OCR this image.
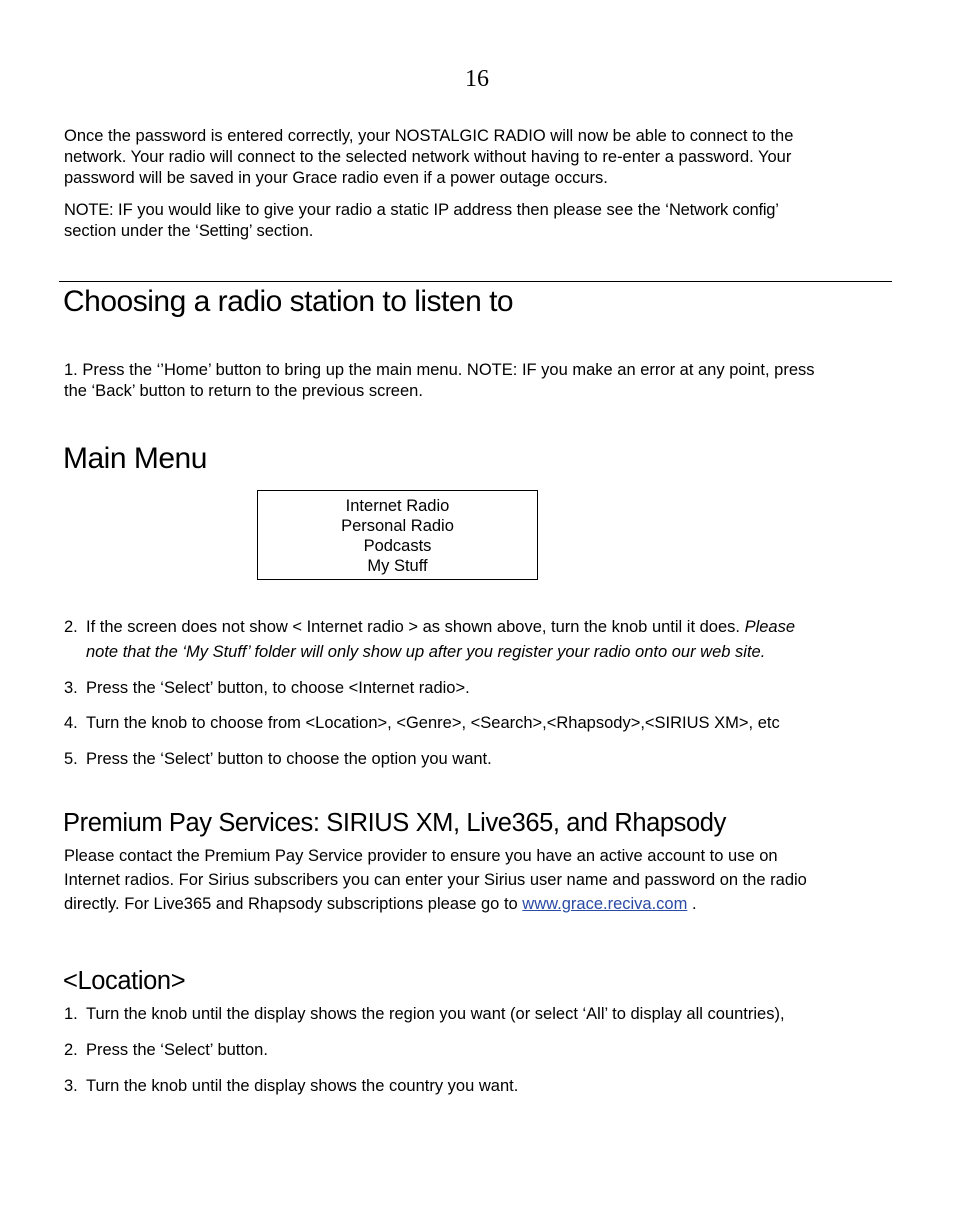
16
Once the password is entered correctly, your NOSTALGIC RADIO will now be able to connect to the
network. Your radio will connect to the selected network without having to re-enter a password. Your
password will be saved in your Grace radio even if a power outage occurs.
NOTE: IF you would like to give your radio a static IP address then please see the ‘Network config’
section under the ‘Setting’ section.
Choosing a radio station to listen to
1. Press the ‘’Home’ button to bring up the main menu. NOTE: IF you make an error at any point, press
the ‘Back’ button to return to the previous screen.
Main Menu
Internet Radio
Personal Radio
Podcasts
My Stuff
2. If the screen does not show < Internet radio > as shown above, turn the knob until it does. Please
note that the ‘My Stuff’ folder will only show up after you register your radio onto our web site.
3. Press the ‘Select’ button, to choose <Internet radio>.
4. Turn the knob to choose from <Location>, <Genre>, <Search>,<Rhapsody>,<SIRIUS XM>, etc
5. Press the ‘Select’ button to choose the option you want.
Premium Pay Services: SIRIUS XM, Live365, and Rhapsody
Please contact the Premium Pay Service provider to ensure you have an active account to use on
Internet radios. For Sirius subscribers you can enter your Sirius user name and password on the radio
directly. For Live365 and Rhapsody subscriptions please go to www.grace.reciva.com .
<Location>
1. Turn the knob until the display shows the region you want (or select ‘All’ to display all countries),
2. Press the ‘Select’ button.
3. Turn the knob until the display shows the country you want.
